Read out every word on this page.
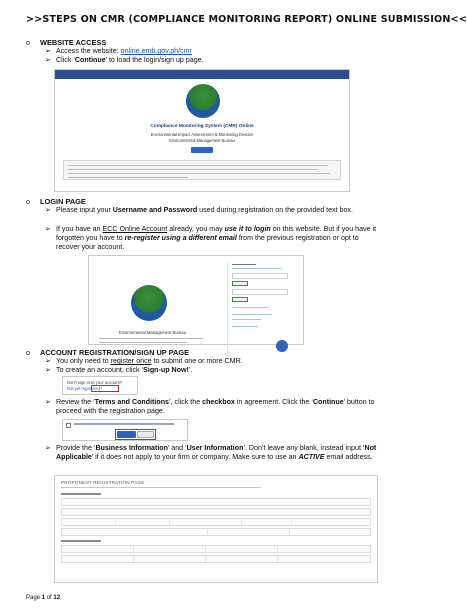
>>STEPS ON CMR (COMPLIANCE MONITORING REPORT) ONLINE SUBMISSION<<
o WEBSITE ACCESS
➢ Access the website: online.emb.gov.ph/cmr
➢ Click ‘Continue’ to load the login/sign up page.
Compliance Monitoring System (CMR) Online
Environmental Impact Assessment & Monitoring Division
Environmental Management Bureau
o LOGIN PAGE
➢ Please input your Username and Password used during registration on the provided text box.
➢ If you have an ECC Online Account already, you may use it to login on this website. But if you have it forgotten you have to re-register using a different email from the previous registration or opt to recover your account.
Environmental Management Bureau
o ACCOUNT REGISTRATION/SIGN UP PAGE
➢ You only need to register once to submit one or more CMR.
➢ To create an account, click ‘Sign-up Now!’.
Don't sign in to your account?
Not yet registered?
➢ Review the ‘Terms and Conditions’, click the checkbox in agreement. Click the ‘Continue’ button to proceed with the registration page.
➢ Provide the ‘Business Information’ and ‘User Information’. Don’t leave any blank, instead input ‘Not Applicable’ if it does not apply to your firm or company. Make sure to use an ACTIVE email address.
PROPONENT REGISTRATION PAGE
Page 1 of 12
